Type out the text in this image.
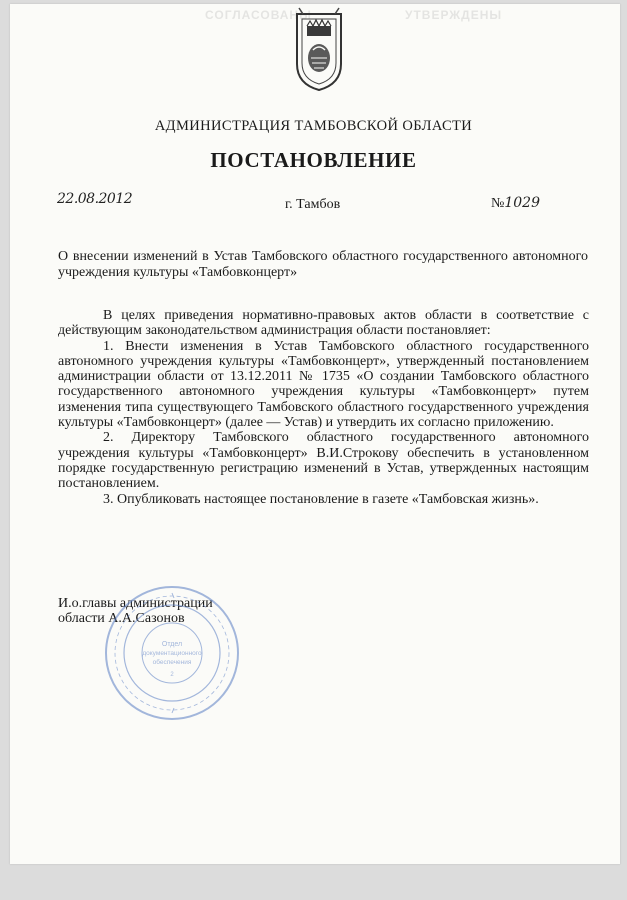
СОГЛАСОВАНЫ	УТВЕРЖДЕНЫ
АДМИНИСТРАЦИЯ ТАМБОВСКОЙ ОБЛАСТИ
ПОСТАНОВЛЕНИЕ
22.08.2012	г. Тамбов	№1029
О внесении изменений в Устав Тамбовского областного государственного автономного учреждения культуры «Тамбовконцерт»

В целях приведения нормативно-правовых актов области в соответствие с действующим законодательством администрация области постановляет:

1. Внести изменения в Устав Тамбовского областного государственного автономного учреждения культуры «Тамбовконцерт», утвержденный постановлением администрации области от 13.12.2011 № 1735 «О создании Тамбовского областного государственного автономного учреждения культуры «Тамбовконцерт» путем изменения типа существующего Тамбовского областного государственного учреждения культуры «Тамбовконцерт» (далее — Устав) и утвердить их согласно приложению.

2. Директору Тамбовского областного государственного автономного учреждения культуры «Тамбовконцерт» В.И.Строкову обеспечить в установленном порядке государственную регистрацию изменений в Устав, утвержденных настоящим постановлением.

3. Опубликовать настоящее постановление в газете «Тамбовская жизнь».

И.о.главы администрации
области А.А.Сазонов
Отдел
документационного
обеспечения
2
